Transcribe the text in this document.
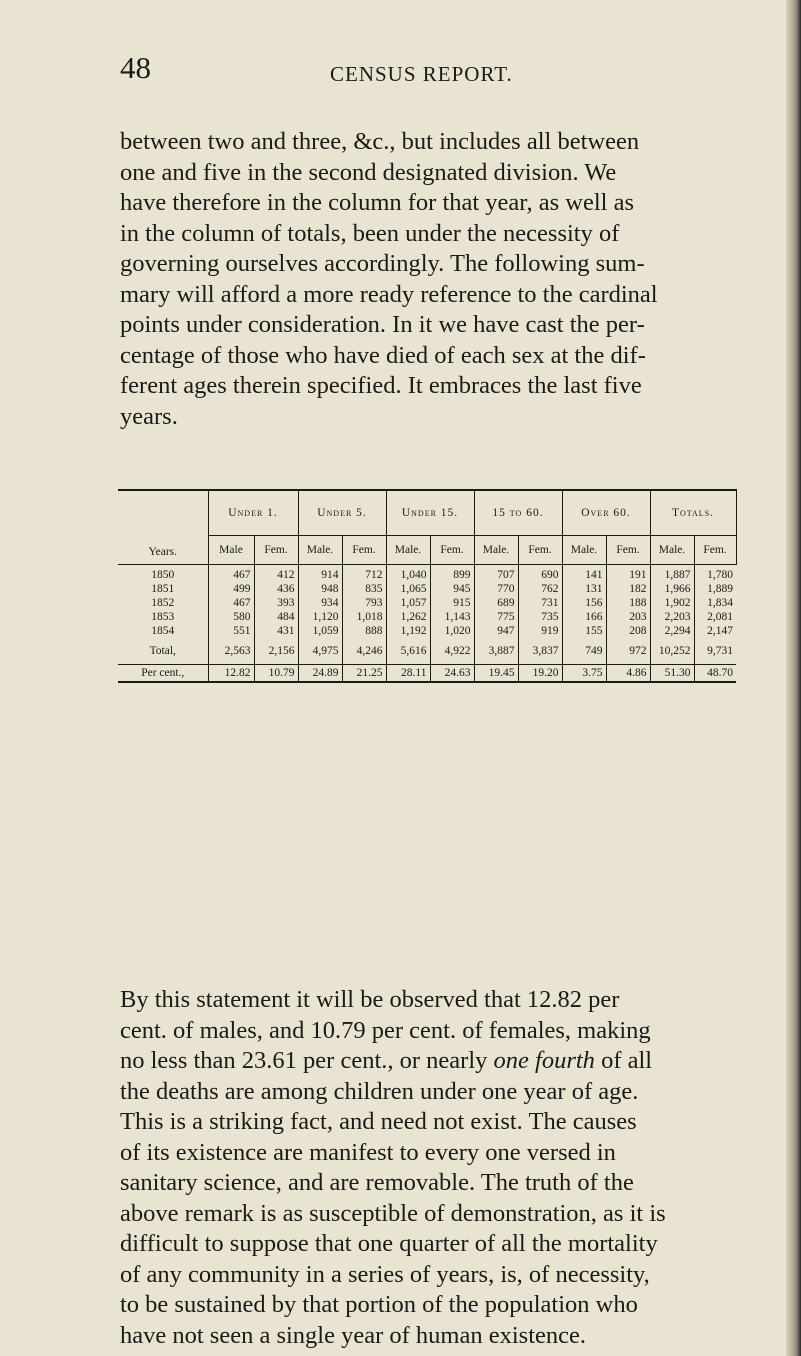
48	CENSUS REPORT.

between two and three, &c., but includes all between
one and five in the second designated division. We
have therefore in the column for that year, as well as
in the column of totals, been under the necessity of
governing ourselves accordingly. The following sum-
mary will afford a more ready reference to the cardinal
points under consideration. In it we have cast the per-
centage of those who have died of each sex at the dif-
ferent ages therein specified. It embraces the last five
years.

Years.	Under 1.		Under 5.		Under 15.		15 to 60.		Over 60.		Totals.	
	Male	Fem.	Male.	Fem.	Male.	Fem.	Male.	Fem.	Male.	Fem.	Male.	Fem.
1850	467	412	914	712	1,040	899	707	690	141	191	1,887	1,780
1851	499	436	948	835	1,065	945	770	762	131	182	1,966	1,889
1852	467	393	934	793	1,057	915	689	731	156	188	1,902	1,834
1853	580	484	1,120	1,018	1,262	1,143	775	735	166	203	2,203	2,081
1854	551	431	1,059	888	1,192	1,020	947	919	155	208	2,294	2,147
Total,	2,563	2,156	4,975	4,246	5,616	4,922	3,887	3,837	749	972	10,252	9,731
Per cent.,	12.82	10.79	24.89	21.25	28.11	24.63	19.45	19.20	3.75	4.86	51.30	48.70

By this statement it will be observed that 12.82 per
cent. of males, and 10.79 per cent. of females, making
no less than 23.61 per cent., or nearly one fourth of all
the deaths are among children under one year of age.
This is a striking fact, and need not exist. The causes
of its existence are manifest to every one versed in
sanitary science, and are removable. The truth of the
above remark is as susceptible of demonstration, as it is
difficult to suppose that one quarter of all the mortality
of any community in a series of years, is, of necessity,
to be sustained by that portion of the population who
have not seen a single year of human existence.
